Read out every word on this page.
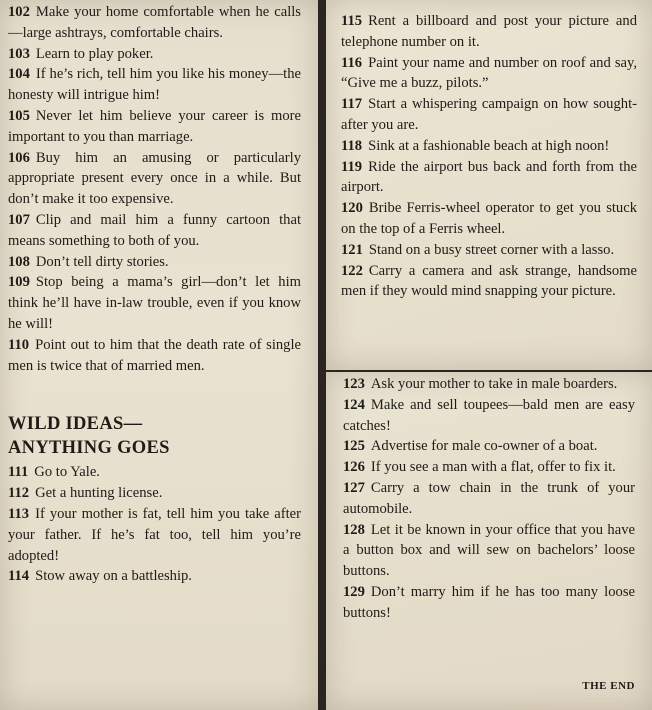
102 Make your home comfortable when he calls—large ashtrays, comfortable chairs.

103 Learn to play poker.

104 If he’s rich, tell him you like his money—the honesty will intrigue him!

105 Never let him believe your career is more important to you than marriage.

106 Buy him an amusing or particularly appropriate present every once in a while. But don’t make it too expensive.

107 Clip and mail him a funny cartoon that means something to both of you.

108 Don’t tell dirty stories.

109 Stop being a mama’s girl—don’t let him think he’ll have in-law trouble, even if you know he will!

110 Point out to him that the death rate of single men is twice that of married men.

WILD IDEAS—
ANYTHING GOES

111 Go to Yale.

112 Get a hunting license.

113 If your mother is fat, tell him you take after your father. If he’s fat too, tell him you’re adopted!

114 Stow away on a battleship.

115 Rent a billboard and post your picture and telephone number on it.

116 Paint your name and number on roof and say, “Give me a buzz, pilots.”

117 Start a whispering campaign on how sought-after you are.

118 Sink at a fashionable beach at high noon!

119 Ride the airport bus back and forth from the airport.

120 Bribe Ferris-wheel operator to get you stuck on the top of a Ferris wheel.

121 Stand on a busy street corner with a lasso.

122 Carry a camera and ask strange, handsome men if they would mind snapping your picture.

123 Ask your mother to take in male boarders.

124 Make and sell toupees—bald men are easy catches!

125 Advertise for male co-owner of a boat.

126 If you see a man with a flat, offer to fix it.

127 Carry a tow chain in the trunk of your automobile.

128 Let it be known in your office that you have a button box and will sew on bachelors’ loose buttons.

129 Don’t marry him if he has too many loose buttons!

THE END
